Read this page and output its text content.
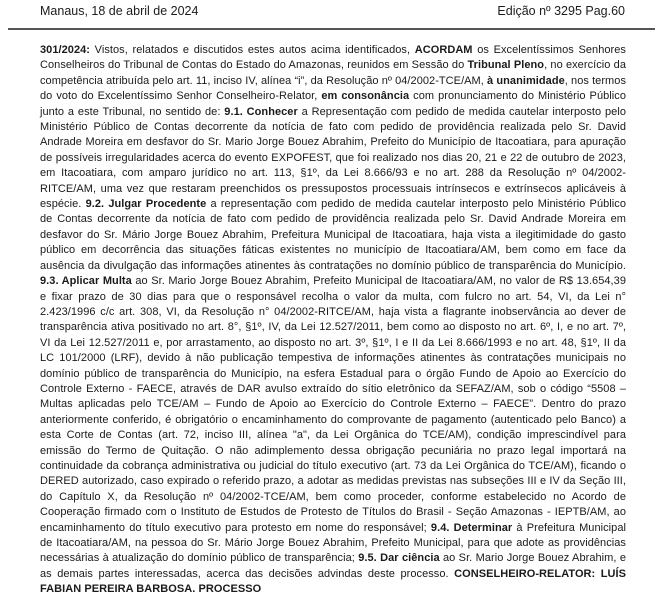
Manaus, 18 de abril de 2024	Edição nº 3295 Pag.60

301/2024: Vistos, relatados e discutidos estes autos acima identificados, ACORDAM os Excelentíssimos Senhores Conselheiros do Tribunal de Contas do Estado do Amazonas, reunidos em Sessão do Tribunal Pleno, no exercício da competência atribuída pelo art. 11, inciso IV, alínea “i”, da Resolução nº 04/2002-TCE/AM, à unanimidade, nos termos do voto do Excelentíssimo Senhor Conselheiro-Relator, em consonância com pronunciamento do Ministério Público junto a este Tribunal, no sentido de: 9.1. Conhecer a Representação com pedido de medida cautelar interposto pelo Ministério Público de Contas decorrente da notícia de fato com pedido de providência realizada pelo Sr. David Andrade Moreira em desfavor do Sr. Mario Jorge Bouez Abrahim, Prefeito do Município de Itacoatiara, para apuração de possíveis irregularidades acerca do evento EXPOFEST, que foi realizado nos dias 20, 21 e 22 de outubro de 2023, em Itacoatiara, com amparo jurídico no art. 113, §1º, da Lei 8.666/93 e no art. 288 da Resolução nº 04/2002- RITCE/AM, uma vez que restaram preenchidos os pressupostos processuais intrínsecos e extrínsecos aplicáveis à espécie. 9.2. Julgar Procedente a representação com pedido de medida cautelar interposto pelo Ministério Público de Contas decorrente da notícia de fato com pedido de providência realizada pelo Sr. David Andrade Moreira em desfavor do Sr. Mário Jorge Bouez Abrahim, Prefeitura Municipal de Itacoatiara, haja vista a ilegitimidade do gasto público em decorrência das situações fáticas existentes no município de Itacoatiara/AM, bem como em face da ausência da divulgação das informações atinentes às contratações no domínio público de transparência do Município. 9.3. Aplicar Multa ao Sr. Mario Jorge Bouez Abrahim, Prefeito Municipal de Itacoatiara/AM, no valor de R$ 13.654,39 e fixar prazo de 30 dias para que o responsável recolha o valor da multa, com fulcro no art. 54, VI, da Lei n° 2.423/1996 c/c art. 308, VI, da Resolução n° 04/2002-RITCE/AM, haja vista a flagrante inobservância ao dever de transparência ativa positivado no art. 8°, §1º, IV, da Lei 12.527/2011, bem como ao disposto no art. 6º, I, e no art. 7º, VI da Lei 12.527/2011 e, por arrastamento, ao disposto no art. 3º, §1º, I e II da Lei 8.666/1993 e no art. 48, §1º, II da LC 101/2000 (LRF), devido à não publicação tempestiva de informações atinentes às contratações municipais no domínio público de transparência do Município, na esfera Estadual para o órgão Fundo de Apoio ao Exercício do Controle Externo - FAECE, através de DAR avulso extraído do sítio eletrônico da SEFAZ/AM, sob o código “5508 – Multas aplicadas pelo TCE/AM – Fundo de Apoio ao Exercício do Controle Externo – FAECE”. Dentro do prazo anteriormente conferido, é obrigatório o encaminhamento do comprovante de pagamento (autenticado pelo Banco) a esta Corte de Contas (art. 72, inciso III, alínea "a", da Lei Orgânica do TCE/AM), condição imprescindível para emissão do Termo de Quitação. O não adimplemento dessa obrigação pecuniária no prazo legal importará na continuidade da cobrança administrativa ou judicial do título executivo (art. 73 da Lei Orgânica do TCE/AM), ficando o DERED autorizado, caso expirado o referido prazo, a adotar as medidas previstas nas subseções III e IV da Seção III, do Capítulo X, da Resolução nº 04/2002-TCE/AM, bem como proceder, conforme estabelecido no Acordo de Cooperação firmado com o Instituto de Estudos de Protesto de Títulos do Brasil - Seção Amazonas - IEPTB/AM, ao encaminhamento do título executivo para protesto em nome do responsável; 9.4. Determinar à Prefeitura Municipal de Itacoatiara/AM, na pessoa do Sr. Mário Jorge Bouez Abrahim, Prefeito Municipal, para que adote as providências necessárias à atualização do domínio público de transparência; 9.5. Dar ciência ao Sr. Mario Jorge Bouez Abrahim, e as demais partes interessadas, acerca das decisões advindas deste processo. CONSELHEIRO-RELATOR: LUÍS FABIAN PEREIRA BARBOSA. PROCESSO
